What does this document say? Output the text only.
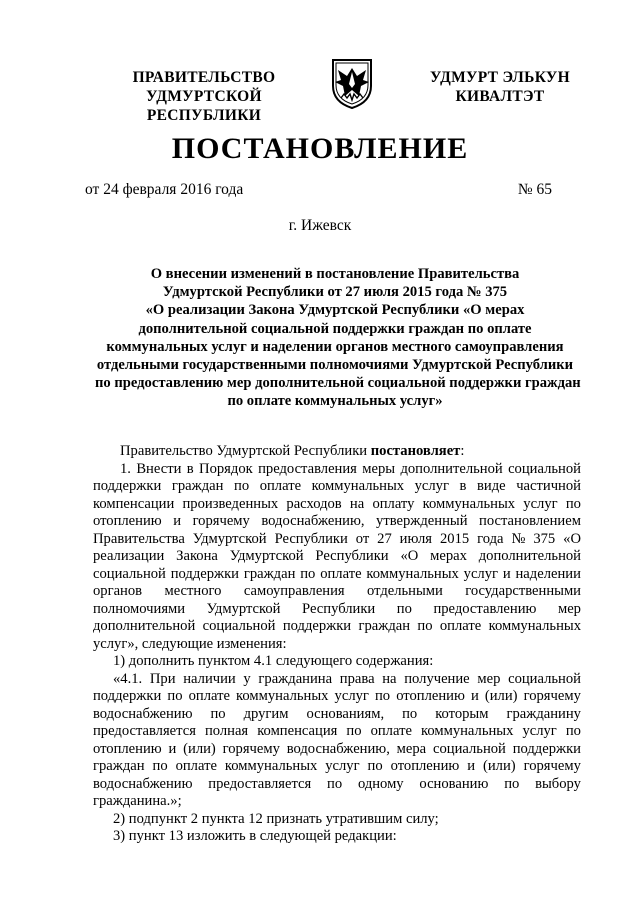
ПРАВИТЕЛЬСТВО
УДМУРТСКОЙ РЕСПУБЛИКИ
УДМУРТ ЭЛЬКУН
КИВАЛТЭТ
ПОСТАНОВЛЕНИЕ
от 24 февраля 2016 года	№ 65
г. Ижевск
О внесении изменений в постановление Правительства
Удмуртской Республики от 27 июля 2015 года № 375
«О реализации Закона Удмуртской Республики «О мерах
дополнительной социальной поддержки граждан по оплате
коммунальных услуг и наделении органов местного самоуправления
отдельными государственными полномочиями Удмуртской Республики
по предоставлению мер дополнительной социальной поддержки граждан
по оплате коммунальных услуг»
Правительство Удмуртской Республики постановляет:
1. Внести в Порядок предоставления меры дополнительной социальной
поддержки граждан по оплате коммунальных услуг в виде частичной
компенсации произведенных расходов на оплату коммунальных услуг по
отоплению и горячему водоснабжению, утвержденный постановлением
Правительства Удмуртской Республики от 27 июля 2015 года № 375 «О
реализации Закона Удмуртской Республики «О мерах дополнительной
социальной поддержки граждан по оплате коммунальных услуг и наделении
органов местного самоуправления отдельными государственными
полномочиями Удмуртской Республики по предоставлению мер
дополнительной социальной поддержки граждан по оплате коммунальных
услуг», следующие изменения:
1) дополнить пунктом 4.1 следующего содержания:
«4.1. При наличии у гражданина права на получение мер социальной
поддержки по оплате коммунальных услуг по отоплению и (или) горячему
водоснабжению по другим основаниям, по которым гражданину
предоставляется полная компенсация по оплате коммунальных услуг по
отоплению и (или) горячему водоснабжению, мера социальной поддержки
граждан по оплате коммунальных услуг по отоплению и (или) горячему
водоснабжению предоставляется по одному основанию по выбору
гражданина.»;
2) подпункт 2 пункта 12 признать утратившим силу;
3) пункт 13 изложить в следующей редакции:
